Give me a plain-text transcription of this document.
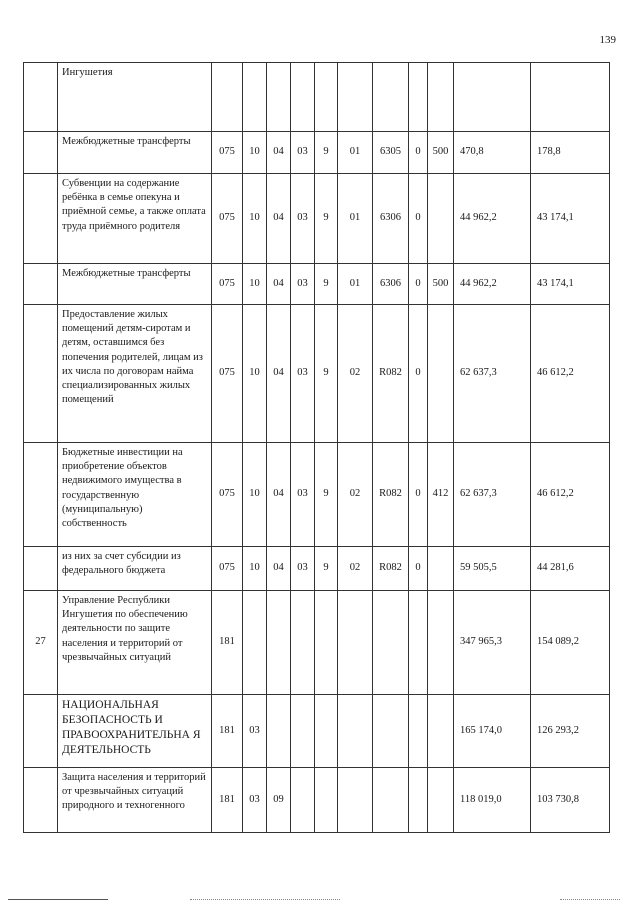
139
	Ингушетия											
	Межбюджетные трансферты	075	10	04	03	9	01	6305	0	500	470,8	178,8
	Субвенции на содержание ребёнка в семье опекуна и приёмной семье, а также оплата труда приёмного родителя	075	10	04	03	9	01	6306	0		44 962,2	43 174,1
	Межбюджетные трансферты	075	10	04	03	9	01	6306	0	500	44 962,2	43 174,1
	Предоставление жилых помещений детям-сиротам и детям, оставшимся без попечения родителей, лицам из их числа по договорам найма специализированных жилых помещений	075	10	04	03	9	02	R082	0		62 637,3	46 612,2
	Бюджетные инвестиции на приобретение объектов недвижимого имущества в государственную (муниципальную) собственность	075	10	04	03	9	02	R082	0	412	62 637,3	46 612,2
	из них за счет субсидии из федерального бюджета	075	10	04	03	9	02	R082	0		59 505,5	44 281,6
27	Управление Республики Ингушетия по обеспечению деятельности по защите населения и территорий от чрезвычайных ситуаций	181									347 965,3	154 089,2
	НАЦИОНАЛЬНАЯ БЕЗОПАСНОСТЬ И ПРАВООХРАНИТЕЛЬНА Я ДЕЯТЕЛЬНОСТЬ	181	03								165 174,0	126 293,2
	Защита населения и территорий от чрезвычайных ситуаций природного и техногенного	181	03	09							118 019,0	103 730,8
